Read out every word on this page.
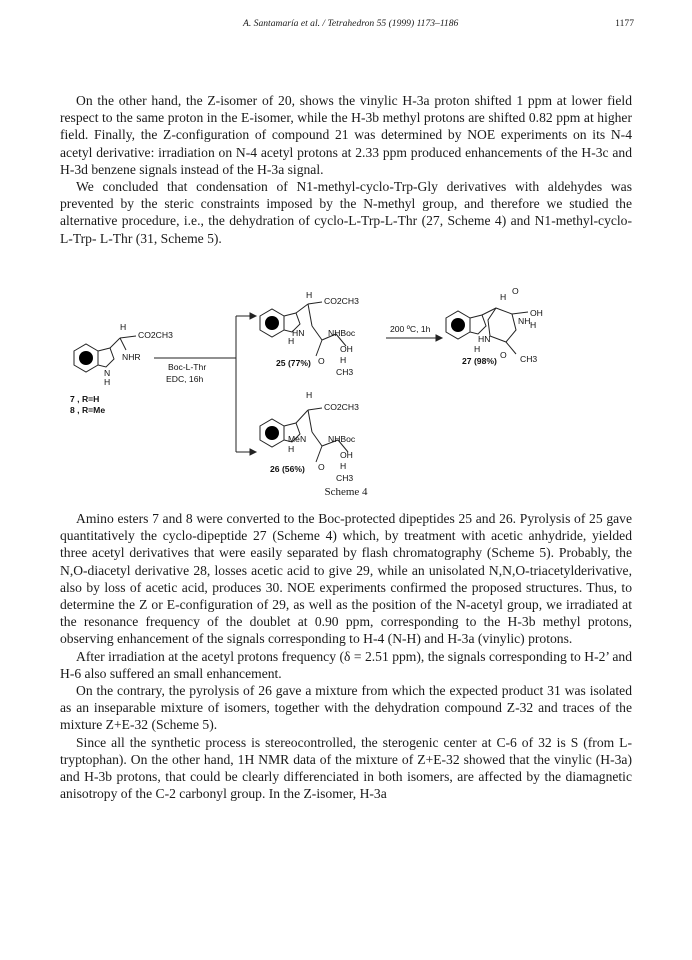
A. Santamaría et al. / Tetrahedron 55 (1999) 1173–1186	1177

On the other hand, the Z-isomer of 20, shows the vinylic H-3a proton shifted 1 ppm at lower field respect to the same proton in the E-isomer, while the H-3b methyl protons are shifted 0.82 ppm at higher field. Finally, the Z-configuration of compound 21 was determined by NOE experiments on its N-4 acetyl derivative: irradiation on N-4 acetyl protons at 2.33 ppm produced enhancements of the H-3c and H-3d benzene signals instead of the H-3a signal.

We concluded that condensation of N1-methyl-cyclo-Trp-Gly derivatives with aldehydes was prevented by the steric constraints imposed by the N-methyl group, and therefore we studied the alternative procedure, i.e., the dehydration of cyclo-L-Trp-L-Thr (27, Scheme 4) and N1-methyl-cyclo-L-Trp- L-Thr (31, Scheme 5).

N
H
H
CO2CH3
NHR
7 , R=H
8 , R=Me
Boc-L-Thr
EDC, 16h
H
CO2CH3
HN	NHBoc
OH
H
CH3
H
O
25 (77%)
200 ºC, 1h
H
O
NH
OH
H
HN
CH3
O
H
27 (98%)
H
CO2CH3
MeN	NHBoc
OH
H
CH3
H
O
26 (56%)
Scheme 4

Amino esters 7 and 8 were converted to the Boc-protected dipeptides 25 and 26. Pyrolysis of 25 gave quantitatively the cyclo-dipeptide 27 (Scheme 4) which, by treatment with acetic anhydride, yielded three acetyl derivatives that were easily separated by flash chromatography (Scheme 5). Probably, the N,O-diacetyl derivative 28, losses acetic acid to give 29, while an unisolated N,N,O-triacetylderivative, also by loss of acetic acid, produces 30. NOE experiments confirmed the proposed structures. Thus, to determine the Z or E-configuration of 29, as well as the position of the N-acetyl group, we irradiated at the resonance frequency of the doublet at 0.90 ppm, corresponding to the H-3b methyl protons, observing enhancement of the signals corresponding to H-4 (N-H) and H-3a (vinylic) protons.

After irradiation at the acetyl protons frequency (δ = 2.51 ppm), the signals corresponding to H-2’ and H-6 also suffered an small enhancement.

On the contrary, the pyrolysis of 26 gave a mixture from which the expected product 31 was isolated as an inseparable mixture of isomers, together with the dehydration compound Z-32 and traces of the mixture Z+E-32 (Scheme 5).

Since all the synthetic process is stereocontrolled, the sterogenic center at C-6 of 32 is S (from L-tryptophan). On the other hand, 1H NMR data of the mixture of Z+E-32 showed that the vinylic (H-3a) and H-3b protons, that could be clearly differenciated in both isomers, are affected by the diamagnetic anisotropy of the C-2 carbonyl group. In the Z-isomer, H-3a
